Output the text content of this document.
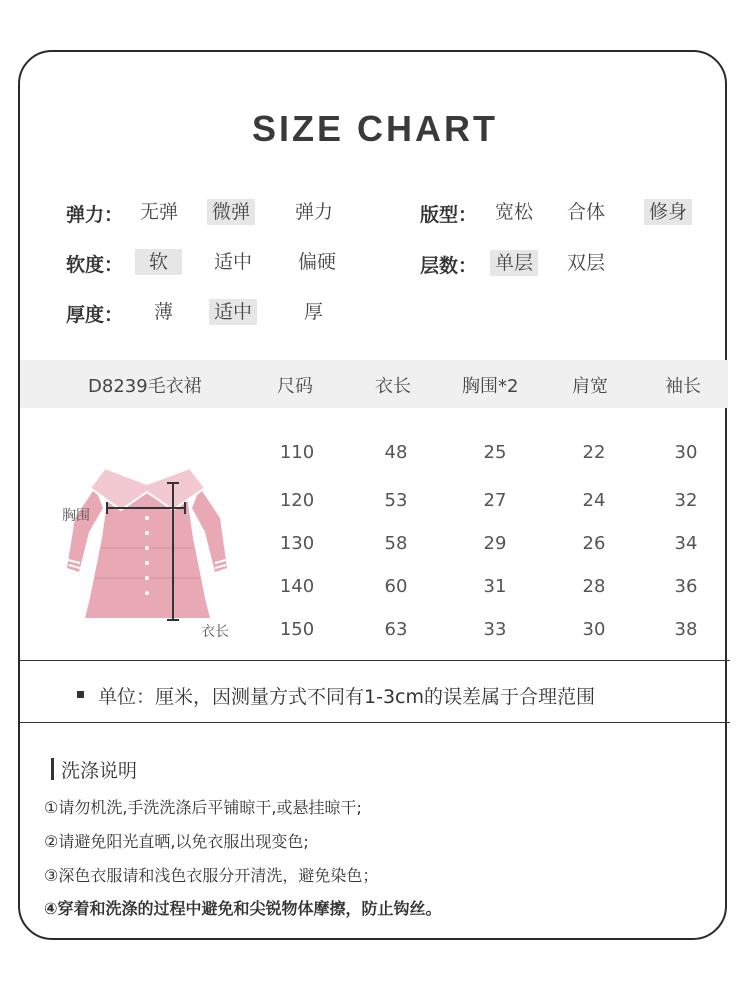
SIZE CHART
弹力： 无弹 微弹 弹力	版型： 宽松 合体 修身
软度：	软	适中 偏硬	层数： 单层 双层
厚度： 薄 适中	厚
D8239毛衣裙	尺码	衣长	胸围*2	肩宽	袖长
110	48	25	22	30
120	53	27	24	32
130	58	29	26	34
140	60	31	28	36
150	63	33	30	38
胸围
衣长
单位：厘米，因测量方式不同有1-3cm的误差属于合理范围
洗涤说明
①请勿机洗,手洗洗涤后平铺晾干,或悬挂晾干;
②请避免阳光直晒,以免衣服出现变色;
③深色衣服请和浅色衣服分开清洗，避免染色；
④穿着和洗涤的过程中避免和尖锐物体摩擦，防止钩丝。
